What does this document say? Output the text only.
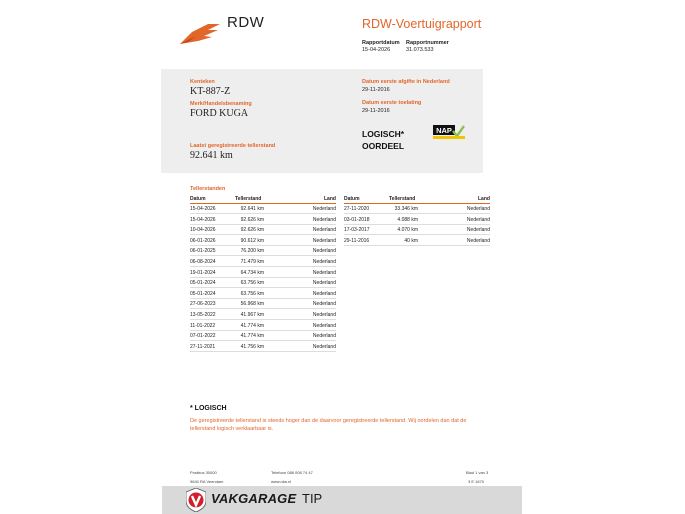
RDW	RDW-Voertuigrapport
Rapportdatum
15-04-2026
Rapportnummer
31.073.533
Kenteken
KT-887-Z
Merk/Handelsbenaming
FORD KUGA
Laatst geregistreerde tellerstand
92.641 km
Datum eerste afgifte in Nederland
29-11-2016
Datum eerste toelating
29-11-2016
LOGISCH*
OORDEEL
NAP
Tellerstanden
Datum	Tellerstand	Land Datum	Tellerstand	Land
15-04-2026	92.641 km	Nederland
15-04-2026	92.626 km	Nederland
10-04-2026	92.626 km	Nederland
06-01-2026	90.612 km	Nederland
06-01-2025	76.200 km	Nederland
06-08-2024	71.479 km	Nederland
19-01-2024	64.734 km	Nederland
05-01-2024	63.756 km	Nederland
05-01-2024	63.756 km	Nederland
27-06-2023	56.968 km	Nederland
13-05-2022	41.967 km	Nederland
11-01-2022	41.774 km	Nederland
07-01-2022	41.774 km	Nederland
27-11-2021	41.756 km	Nederland
27-11-2020	33.346 km	Nederland
03-01-2018	4.088 km	Nederland
17-03-2017	4.070 km	Nederland
29-11-2016	40 km	Nederland
* LOGISCH
De geregistreerde tellerstand is steeds hoger dan de daarvoor geregistreerde tellerstand. Wij oordelen dan dat de tellerstand logisch verklaarbaar is.
Postbus 30000
9640 RA Veendam
Telefoon 088 008 74 47
www.rdw.nl
Blad 1 van 3
3 E 1670
VAKGARAGE TIP
